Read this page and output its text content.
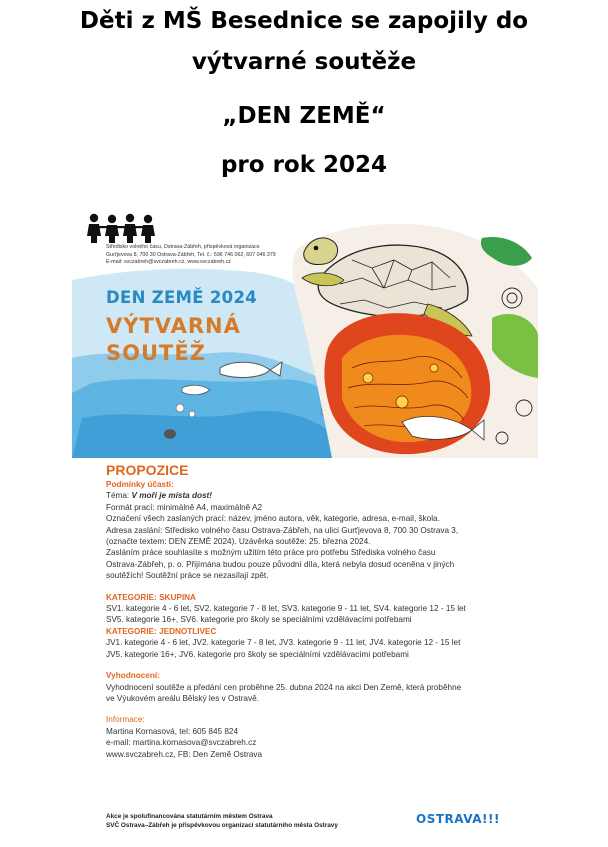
Děti z MŠ Besednice se zapojily do
výtvarné soutěže
„DEN ZEMĚ“
pro rok 2024
Středisko volného času, Ostrava-Zábřeh, příspěvková organizace
Gurťjevova 8, 700 30 Ostrava-Zábřeh, Tel. č.: 596 746 062, 607 046 379
E-mail: svczabreh@svczabreh.cz, www.svczabreh.cz
DEN ZEMĚ 2024
VÝTVARNÁ
SOUTĚŽ

PROPOZICE

Podmínky účasti:

Téma: V moři je místa dost!

Formát prací: minimálně A4, maximálně A2

Označení všech zaslaných prací: název, jméno autora, věk, kategorie, adresa, e-mail, škola.

Adresa zaslání: Středisko volného času Ostrava-Zábřeh, na ulici Gurťjevova 8, 700 30 Ostrava 3,

(označte textem: DEN ZEMĚ 2024). Uzávěrka soutěže: 25. března 2024.

Zasláním práce souhlasíte s možným užitím této práce pro potřebu Střediska volného času

Ostrava-Zábřeh, p. o. Přijímána budou pouze původní díla, která nebyla dosud oceněna v jiných

soutěžích! Soutěžní práce se nezasílají zpět.

KATEGORIE: SKUPINA

SV1. kategorie 4 - 6 let, SV2. kategorie 7 - 8 let, SV3. kategorie 9 - 11 let, SV4. kategorie 12 - 15 let

SV5. kategorie 16+, SV6. kategorie pro školy se speciálními vzdělávacími potřebami

KATEGORIE: JEDNOTLIVEC

JV1. kategorie 4 - 6 let, JV2. kategorie 7 - 8 let, JV3. kategorie 9 - 11 let, JV4. kategorie 12 - 15 let

JV5. kategorie 16+, JV6. kategorie pro školy se speciálními vzdělávacími potřebami

Vyhodnocení:

Vyhodnocení soutěže a předání cen proběhne 25. dubna 2024 na akci Den Země, která proběhne

ve Výukovém areálu Bělský les v Ostravě.

Informace:

Martina Kornasová, tel: 605 845 824

e-mail: martina.kornasova@svczabreh.cz

www.svczabreh.cz, FB: Den Země Ostrava

Akce je spolufinancována statutárním městem Ostrava
SVČ Ostrava–Zábřeh je příspěvkovou organizací statutárního města Ostravy	OSTRAVA!!!
